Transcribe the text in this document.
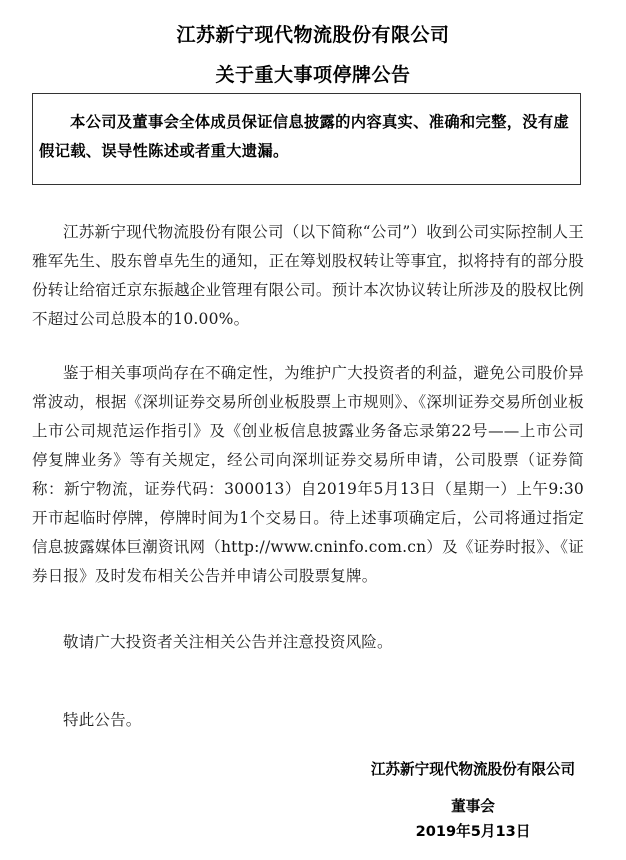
江苏新宁现代物流股份有限公司
关于重大事项停牌公告
本公司及董事会全体成员保证信息披露的内容真实、准确和完整，没有虚假记载、误导性陈述或者重大遗漏。
江苏新宁现代物流股份有限公司（以下简称“公司”）收到公司实际控制人王雅军先生、股东曾卓先生的通知，正在筹划股权转让等事宜，拟将持有的部分股份转让给宿迁京东振越企业管理有限公司。预计本次协议转让所涉及的股权比例不超过公司总股本的10.00%。
鉴于相关事项尚存在不确定性，为维护广大投资者的利益，避免公司股价异常波动，根据《深圳证券交易所创业板股票上市规则》、《深圳证券交易所创业板上市公司规范运作指引》及《创业板信息披露业务备忘录第22号——上市公司停复牌业务》等有关规定，经公司向深圳证券交易所申请，公司股票（证券简称：新宁物流，证券代码：300013）自2019年5月13日（星期一）上午9:30开市起临时停牌，停牌时间为1个交易日。待上述事项确定后，公司将通过指定信息披露媒体巨潮资讯网（http://www.cninfo.com.cn）及《证券时报》、《证券日报》及时发布相关公告并申请公司股票复牌。
敬请广大投资者关注相关公告并注意投资风险。
特此公告。
江苏新宁现代物流股份有限公司
董事会
2019年5月13日
